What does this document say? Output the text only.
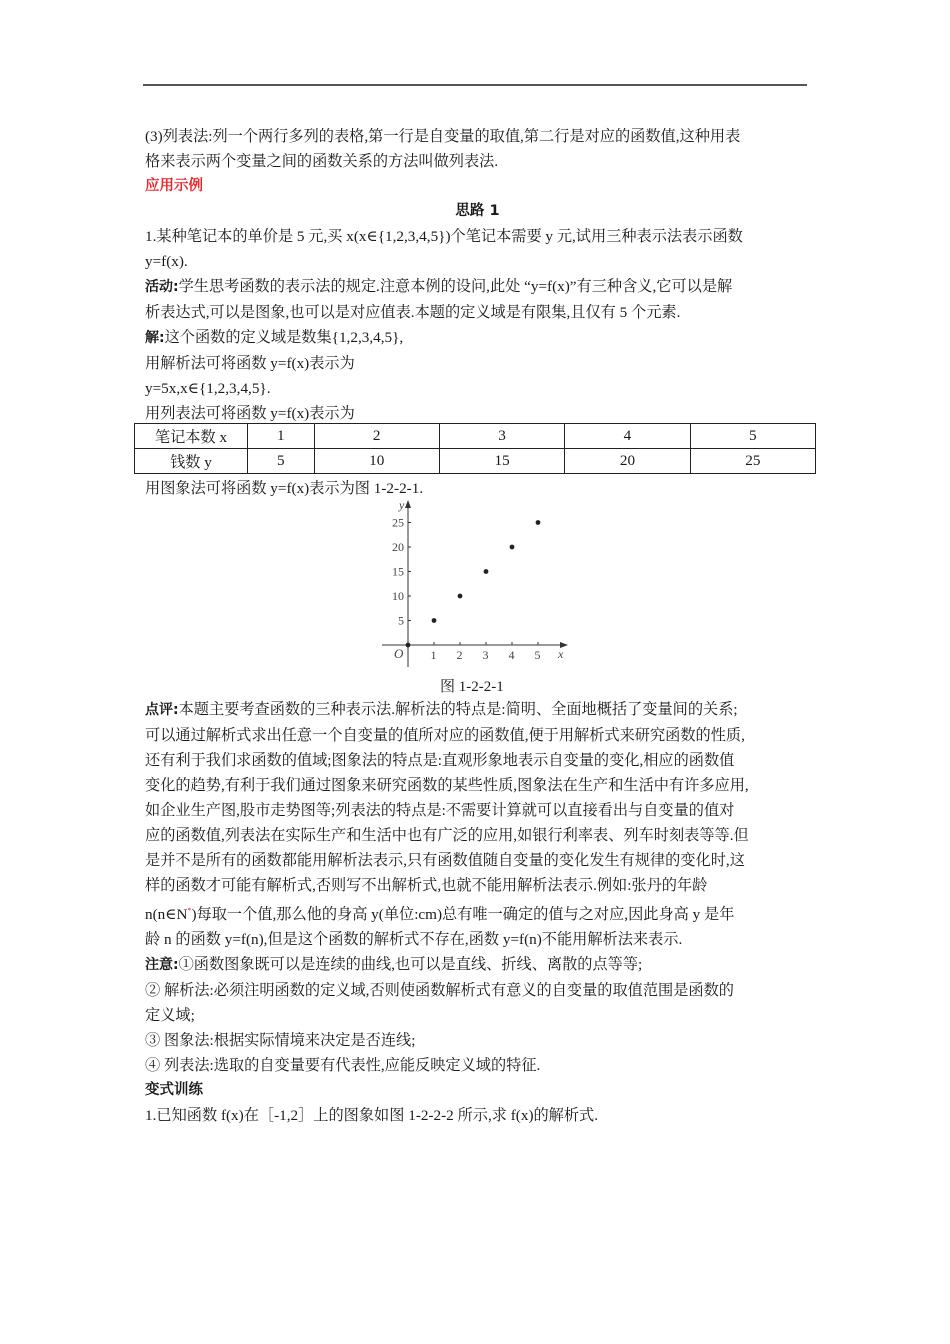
(3)列表法:列一个两行多列的表格,第一行是自变量的取值,第二行是对应的函数值,这种用表
格来表示两个变量之间的函数关系的方法叫做列表法.
应用示例
思路 1
1.某种笔记本的单价是 5 元,买 x(x∈{1,2,3,4,5})个笔记本需要 y 元,试用三种表示法表示函数
y=f(x).
活动:学生思考函数的表示法的规定.注意本例的设问,此处 “y=f(x)”有三种含义,它可以是解
析表达式,可以是图象,也可以是对应值表.本题的定义域是有限集,且仅有 5 个元素.
解:这个函数的定义域是数集{1,2,3,4,5},
用解析法可将函数 y=f(x)表示为
y=5x,x∈{1,2,3,4,5}.
用列表法可将函数 y=f(x)表示为
笔记本数 x	1	2	3	4	5
钱数 y	5	10	15	20	25
用图象法可将函数 y=f(x)表示为图 1-2-2-1.
y
x
O 1 2 3 4 5
5
10
15
20
25
图 1-2-2-1
点评:本题主要考查函数的三种表示法.解析法的特点是:简明、全面地概括了变量间的关系;
可以通过解析式求出任意一个自变量的值所对应的函数值,便于用解析式来研究函数的性质,
还有利于我们求函数的值域;图象法的特点是:直观形象地表示自变量的变化,相应的函数值
变化的趋势,有利于我们通过图象来研究函数的某些性质,图象法在生产和生活中有许多应用,
如企业生产图,股市走势图等;列表法的特点是:不需要计算就可以直接看出与自变量的值对
应的函数值,列表法在实际生产和生活中也有广泛的应用,如银行利率表、列车时刻表等等.但
是并不是所有的函数都能用解析法表示,只有函数值随自变量的变化发生有规律的变化时,这
样的函数才可能有解析式,否则写不出解析式,也就不能用解析法表示.例如:张丹的年龄
n(n∈N*)每取一个值,那么他的身高 y(单位:cm)总有唯一确定的值与之对应,因此身高 y 是年
龄 n 的函数 y=f(n),但是这个函数的解析式不存在,函数 y=f(n)不能用解析法来表示.
注意:①函数图象既可以是连续的曲线,也可以是直线、折线、离散的点等等;
② 解析法:必须注明函数的定义域,否则使函数解析式有意义的自变量的取值范围是函数的
定义域;
③ 图象法:根据实际情境来决定是否连线;
④ 列表法:选取的自变量要有代表性,应能反映定义域的特征.
变式训练
1.已知函数 f(x)在［-1,2］上的图象如图 1-2-2-2 所示,求 f(x)的解析式.
